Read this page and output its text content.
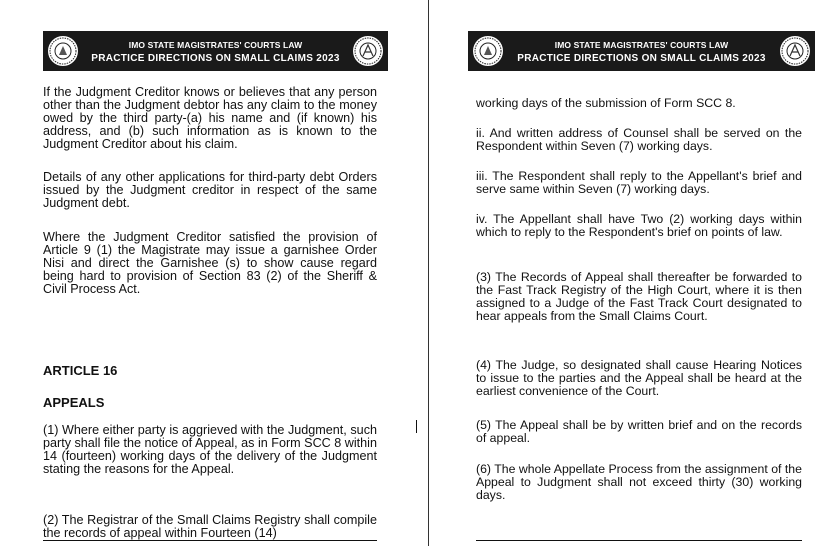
IMO STATE MAGISTRATES' COURTS LAW
PRACTICE DIRECTIONS ON SMALL CLAIMS 2023

If the Judgment Creditor knows or believes that any person other than the Judgment debtor has any claim to the money owed by the third party-(a) his name and (if known) his address, and (b) such information as is known to the Judgment Creditor about his claim.

Details of any other applications for third-party debt Orders issued by the Judgment creditor in respect of the same Judgment debt.

Where the Judgment Creditor satisfied the provision of Article 9 (1) the Magistrate may issue a garnishee Order Nisi and direct the Garnishee (s) to show cause regard being hard to provision of Section 83 (2) of the Sheriff & Civil Process Act.

ARTICLE 16
APPEALS

(1) Where either party is aggrieved with the Judgment, such party shall file the notice of Appeal, as in Form SCC 8 within 14 (fourteen) working days of the delivery of the Judgment stating the reasons for the Appeal.

(2) The Registrar of the Small Claims Registry shall compile the records of appeal within Fourteen (14)

IMO STATE MAGISTRATES' COURTS LAW
PRACTICE DIRECTIONS ON SMALL CLAIMS 2023

working days of the submission of Form SCC 8.

ii. And written address of Counsel shall be served on the Respondent within Seven (7) working days.

iii. The Respondent shall reply to the Appellant's brief and serve same within Seven (7) working days.

iv. The Appellant shall have Two (2) working days within which to reply to the Respondent's brief on points of law.

(3) The Records of Appeal shall thereafter be forwarded to the Fast Track Registry of the High Court, where it is then assigned to a Judge of the Fast Track Court designated to hear appeals from the Small Claims Court.

(4) The Judge, so designated shall cause Hearing Notices to issue to the parties and the Appeal shall be heard at the earliest convenience of the Court.

(5) The Appeal shall be by written brief and on the records of appeal.

(6) The whole Appellate Process from the assignment of the Appeal to Judgment shall not exceed thirty (30) working days.
